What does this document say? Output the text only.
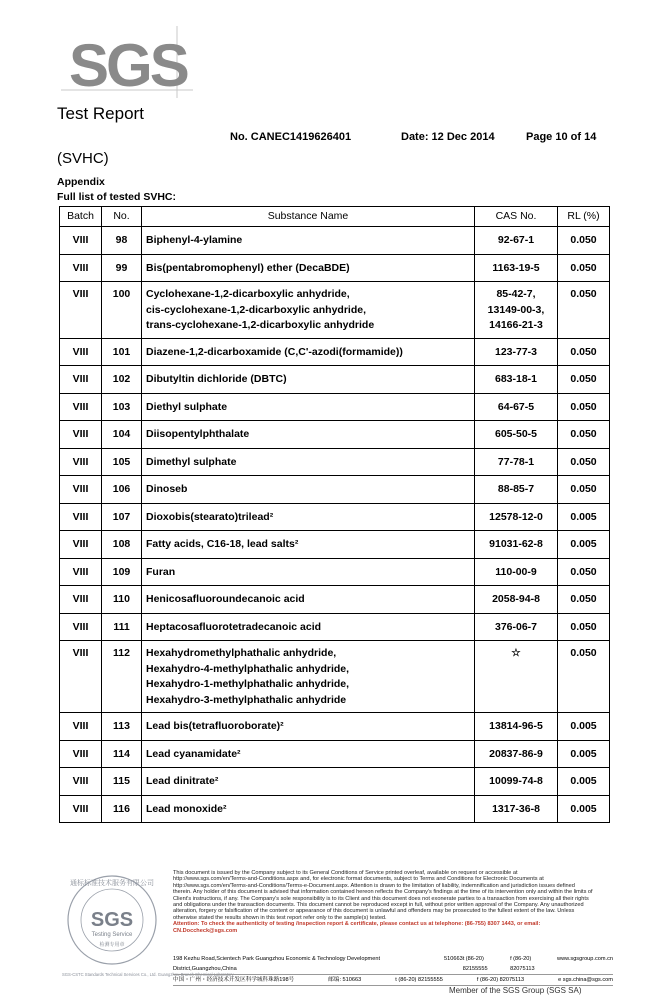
SGS
Test Report
No. CANEC1419626401	Date: 12 Dec 2014	Page 10 of 14
(SVHC)
Appendix
Full list of tested SVHC:
Batch	No.	Substance Name	CAS No.	RL (%)
VIII	98	Biphenyl-4-ylamine	92-67-1	0.050
VIII	99	Bis(pentabromophenyl) ether (DecaBDE)	1163-19-5	0.050
VIII	100	Cyclohexane-1,2-dicarboxylic anhydride,
cis-cyclohexane-1,2-dicarboxylic anhydride,
trans-cyclohexane-1,2-dicarboxylic anhydride	85-42-7,
13149-00-3,
14166-21-3	0.050
VIII	101	Diazene-1,2-dicarboxamide (C,C'-azodi(formamide))	123-77-3	0.050
VIII	102	Dibutyltin dichloride (DBTC)	683-18-1	0.050
VIII	103	Diethyl sulphate	64-67-5	0.050
VIII	104	Diisopentylphthalate	605-50-5	0.050
VIII	105	Dimethyl sulphate	77-78-1	0.050
VIII	106	Dinoseb	88-85-7	0.050
VIII	107	Dioxobis(stearato)trilead²	12578-12-0	0.005
VIII	108	Fatty acids, C16-18, lead salts²	91031-62-8	0.005
VIII	109	Furan	110-00-9	0.050
VIII	110	Henicosafluoroundecanoic acid	2058-94-8	0.050
VIII	111	Heptacosafluorotetradecanoic acid	376-06-7	0.050
VIII	112	Hexahydromethylphathalic anhydride,
Hexahydro-4-methylphathalic anhydride,
Hexahydro-1-methylphathalic anhydride,
Hexahydro-3-methylphathalic anhydride	☆	0.050
VIII	113	Lead bis(tetrafluoroborate)²	13814-96-5	0.005
VIII	114	Lead cyanamidate²	20837-86-9	0.005
VIII	115	Lead dinitrate²	10099-74-8	0.005
VIII	116	Lead monoxide²	1317-36-8	0.005
通标标准技术服务有限公司
SGS
Testing Service
检测专用章
SGS-CSTC Standards Technical Services Co., Ltd. Guangzhou Branch Chemical Laboratory
This document is issued by the Company subject to its General Conditions of Service printed overleaf, available on request or accessible at http://www.sgs.com/en/Terms-and-Conditions.aspx and, for electronic format documents, subject to Terms and Conditions for Electronic Documents at http://www.sgs.com/en/Terms-and-Conditions/Terms-e-Document.aspx. Attention is drawn to the limitation of liability, indemnification and jurisdiction issues defined therein. Any holder of this document is advised that information contained hereon reflects the Company's findings at the time of its intervention only and within the limits of Client's instructions, if any. The Company's sole responsibility is to its Client and this document does not exonerate parties to a transaction from exercising all their rights and obligations under the transaction documents. This document cannot be reproduced except in full, without prior written approval of the Company. Any unauthorized alteration, forgery or falsification of the content or appearance of this document is unlawful and offenders may be prosecuted to the fullest extent of the law. Unless otherwise stated the results shown in this test report refer only to the sample(s) tested.
Attention: To check the authenticity of testing /inspection report & certificate, please contact us at telephone: (86-755) 8307 1443, or email: CN.Doccheck@sgs.com
198 Kezhu Road,Scientech Park Guangzhou Economic & Technology Development District,Guangzhou,China
510663 t (86-20) 82155555
f (86-20) 82075113
www.sgsgroup.com.cn
中国・广州・经济技术开发区科学城科珠路198号	邮编: 510663	t (86-20) 82155555	f (86-20) 82075113	e sgs.china@sgs.com
Member of the SGS Group (SGS SA)
